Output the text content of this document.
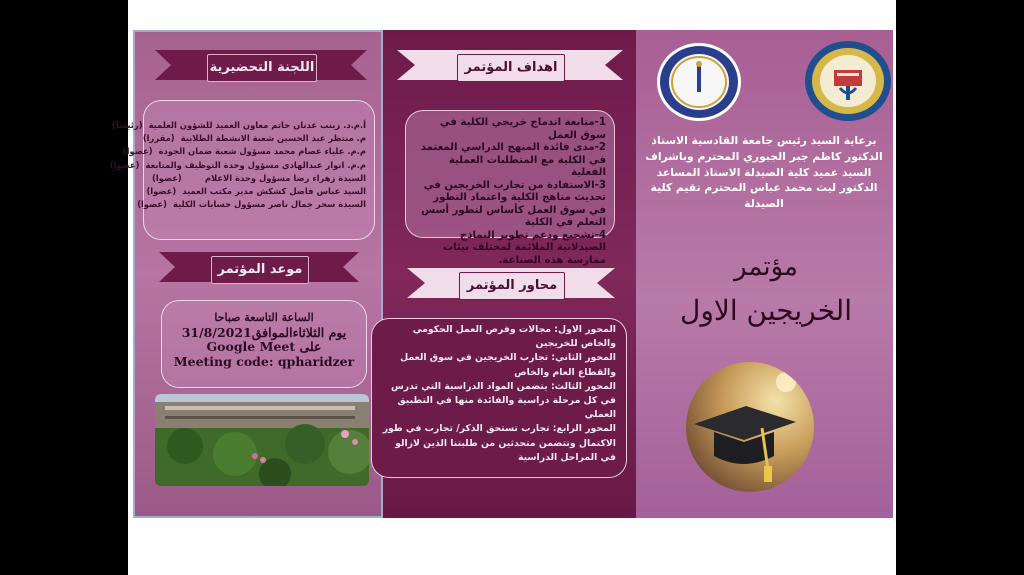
اللجنة التحضيرية
أ.م.د. زينب عدنان حاتم معاون العميد للشؤون العلمية
(رئيسا)
م. منتظر عبد الحسين شعبة الانشطة الطلابية
(مقررا)
م.م. علياء عصام محمد مسؤول شعبة ضمان الجودة
(عضوا)
م.م. انوار عبدالهادي مسؤول وحدة التوظيف والمتابعة
(عضوا)
السيدة زهراء رضا مسؤول وحدة الاعلام
(عضوا)
السيد عباس فاضل كشكش مدير مكتب العميد
(عضوا)
السيدة سحر جمال ناصر مسؤول حسابات الكلية
(عضوا)
موعد المؤتمر
الساعة التاسعة صباحا
يوم الثلاثاءالموافق31/8/2021
على Google Meet
Meeting code: qpharidzer
اهداف المؤتمر
1-متابعة اندماج خريجي الكلية في سوق العمل
2-مدى فائدة المنهج الدراسي المعتمد في الكلية مع المتطلبات العملية الفعلية
3-الاستفادة من تجارب الخريجين في تحديث مناهج الكلية واعتماد التطور في سوق العمل كأساس لتطور أسس التعلم في الكلية
4-تشجيع ودعم تطوير النماذج الصيدلانية الملائمة لمختلف بيئات ممارسة هذه الصناعة.
محاور المؤتمر
المحور الاول: مجالات وفرص العمل الحكومي والخاص للخريجين
المحور الثاني: تجارب الخريجين في سوق العمل والقطاع العام والخاص
المحور الثالث: يتضمن المواد الدراسية التي تدرس في كل مرحلة دراسية والفائدة منها في التطبيق العملي
المحور الرابع: تجارب تستحق الذكر/ تجارب في طور الاكتمال وتتضمن متحدثين من طلبتنا الذين لازالو في المراحل الدراسية
برعاية السيد رئيس جامعة القادسية الاستاذ الدكتور كاظم جبر الجبوري المحترم وباشراف السيد عميد كلية الصيدلة الاستاذ المساعد الدكتور ليث محمد عباس المحترم تقيم كلية الصيدلة
مؤتمر
الخريجين الاول
